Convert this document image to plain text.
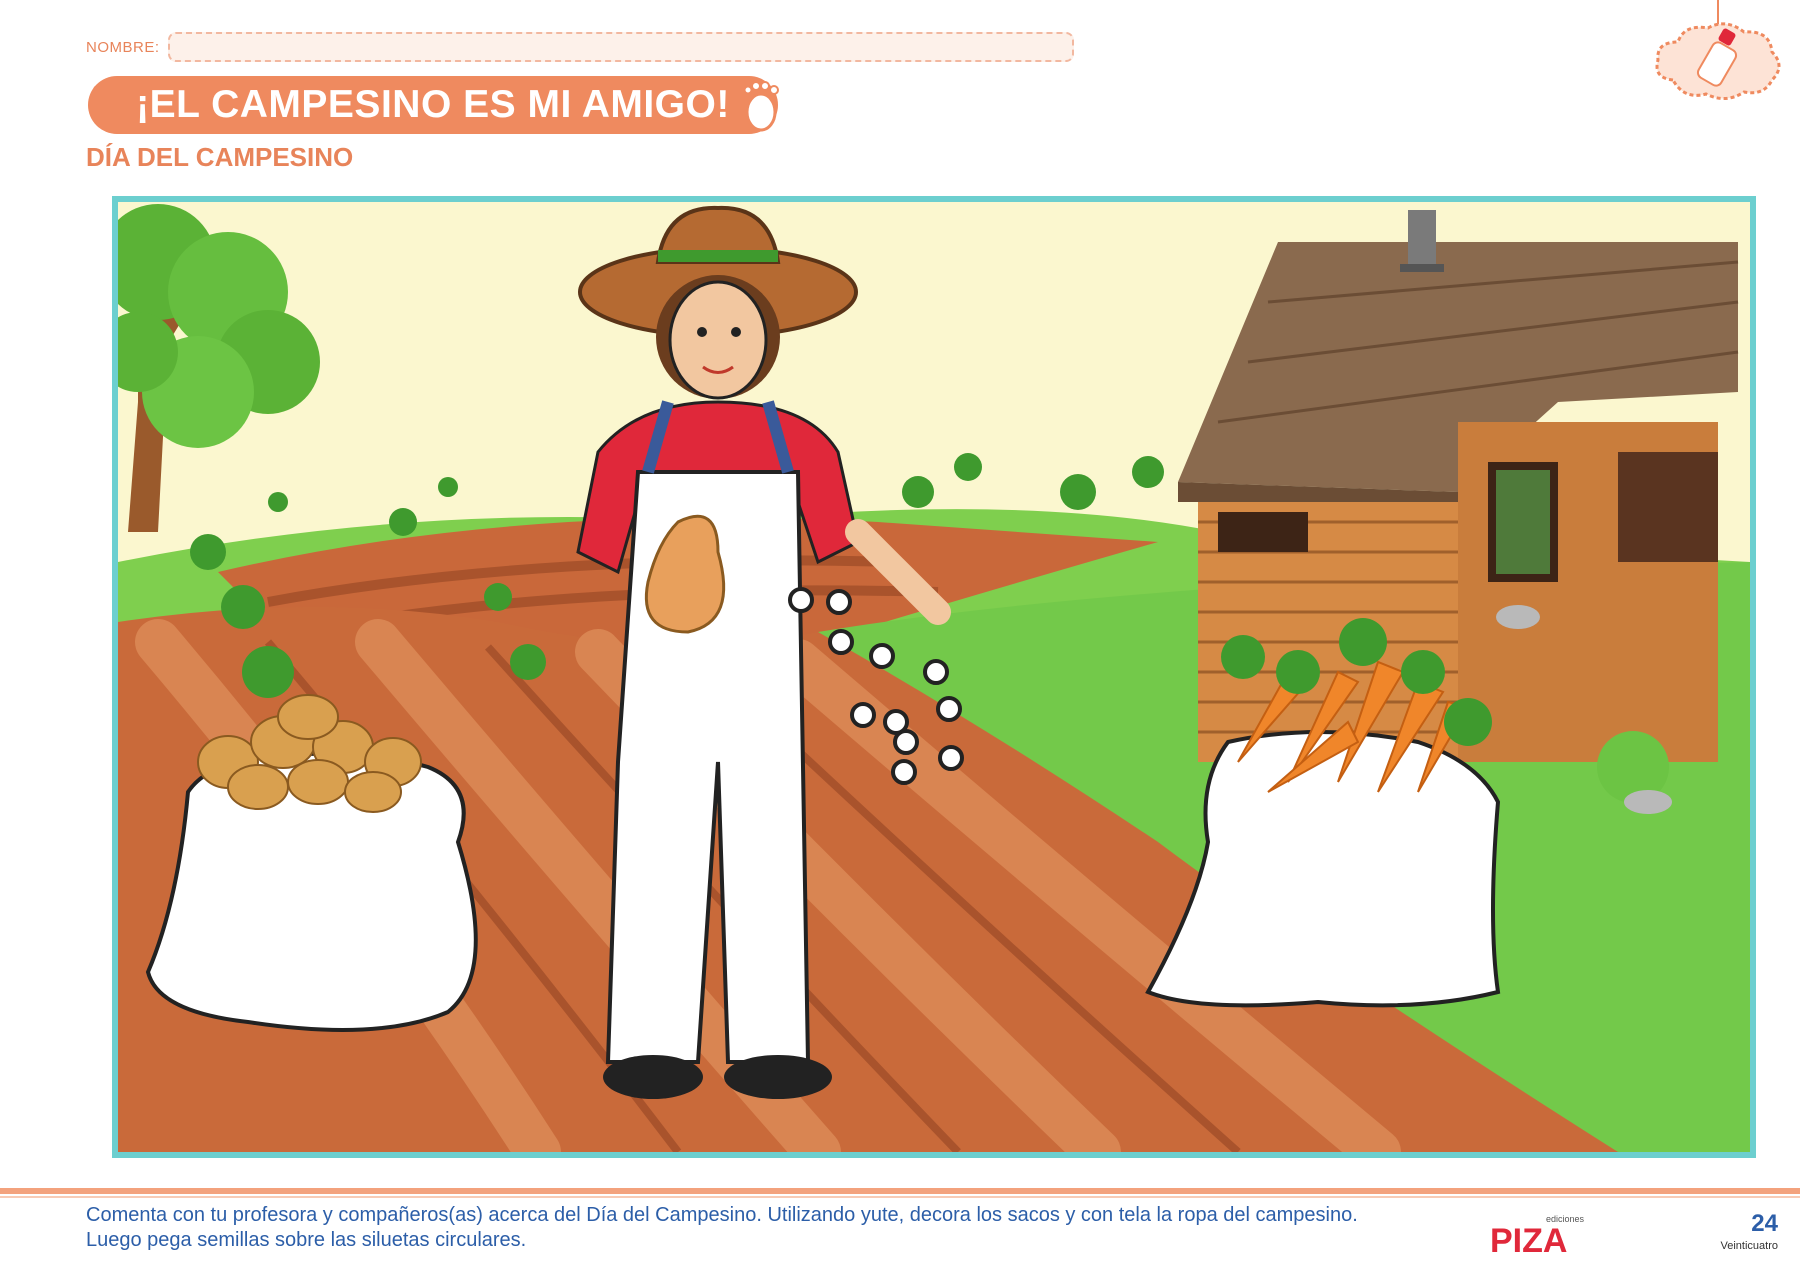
NOMBRE:
¡EL CAMPESINO ES MI AMIGO!
DÍA DEL CAMPESINO

Comenta con tu profesora y compañeros(as) acerca del Día del Campesino. Utilizando yute, decora los sacos y con tela la ropa del campesino.

Luego pega semillas sobre las siluetas circulares.

ediciones
PIZA	24
Veinticuatro
